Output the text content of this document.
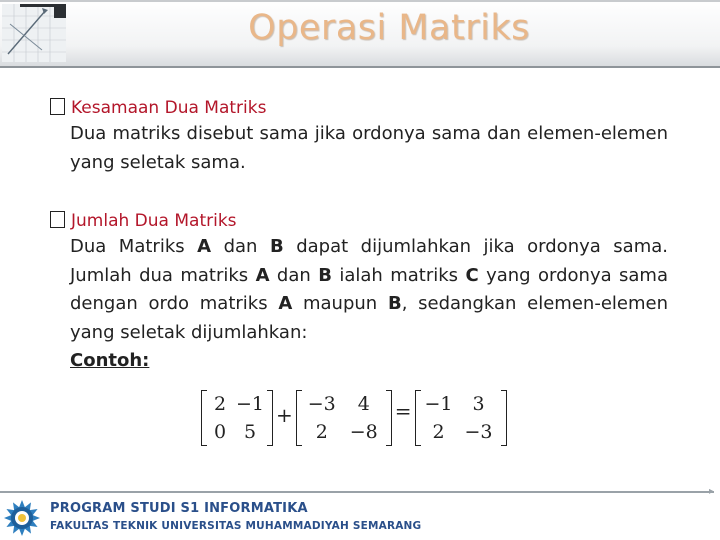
Operasi Matriks
Kesamaan Dua Matriks
Dua matriks disebut sama jika ordonya sama dan elemen-elemen yang seletak sama.
Jumlah Dua Matriks
Dua Matriks A dan B dapat dijumlahkan jika ordonya sama. Jumlah dua matriks A dan B ialah matriks C yang ordonya sama dengan ordo matriks A maupun B, sedangkan elemen-elemen yang seletak dijumlahkan:
Contoh:
2 −1
0 5
+ −3	4
2	−8
= −1	3
2	−3
▸
PROGRAM STUDI S1 INFORMATIKA
FAKULTAS TEKNIK UNIVERSITAS MUHAMMADIYAH SEMARANG
